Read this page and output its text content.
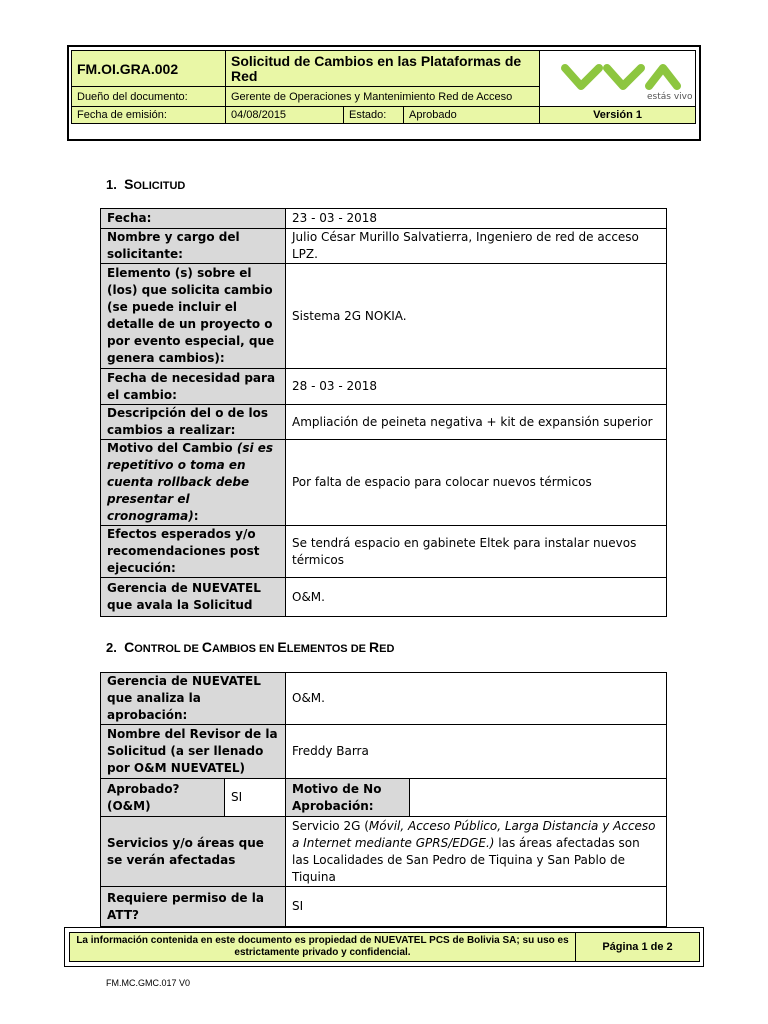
FM.OI.GRA.002	Solicitud de Cambios en las Plataformas de Red			estás vivo

Dueño del documento:	Gerente de Operaciones y Mantenimiento Red de Acceso			
Fecha de emisión:	04/08/2015	Estado:	Aprobado	Versión 1
1. SOLICITUD
Fecha:	23 - 03 - 2018
Nombre y cargo del solicitante:	Julio César Murillo Salvatierra, Ingeniero de red de acceso LPZ.
Elemento (s) sobre el (los) que solicita cambio (se puede incluir el detalle de un proyecto o por evento especial, que genera cambios):	Sistema 2G NOKIA.
Fecha de necesidad para el cambio:	28 - 03 - 2018
Descripción del o de los cambios a realizar:	Ampliación de peineta negativa + kit de expansión superior
Motivo del Cambio (si es repetitivo o toma en cuenta rollback debe presentar el cronograma):	Por falta de espacio para colocar nuevos térmicos
Efectos esperados y/o recomendaciones post ejecución:	Se tendrá espacio en gabinete Eltek para instalar nuevos térmicos
Gerencia de NUEVATEL que avala la Solicitud	O&M.
2. CONTROL DE CAMBIOS EN ELEMENTOS DE RED
Gerencia de NUEVATEL que analiza la aprobación:		O&M.	
Nombre del Revisor de la Solicitud (a ser llenado por O&M NUEVATEL)		Freddy Barra	
Aprobado? (O&M)	SI	Motivo de No Aprobación:	
Servicios y/o áreas que se verán afectadas		Servicio 2G (Móvil, Acceso Público, Larga Distancia y Acceso a Internet mediante GPRS/EDGE.) las áreas afectadas son las Localidades de San Pedro de Tiquina y San Pablo de Tiquina	
Requiere permiso de la ATT?		SI	
La información contenida en este documento es propiedad de NUEVATEL PCS de Bolivia SA; su uso es estrictamente privado y confidencial.	Página 1 de 2
FM.MC.GMC.017 V0
